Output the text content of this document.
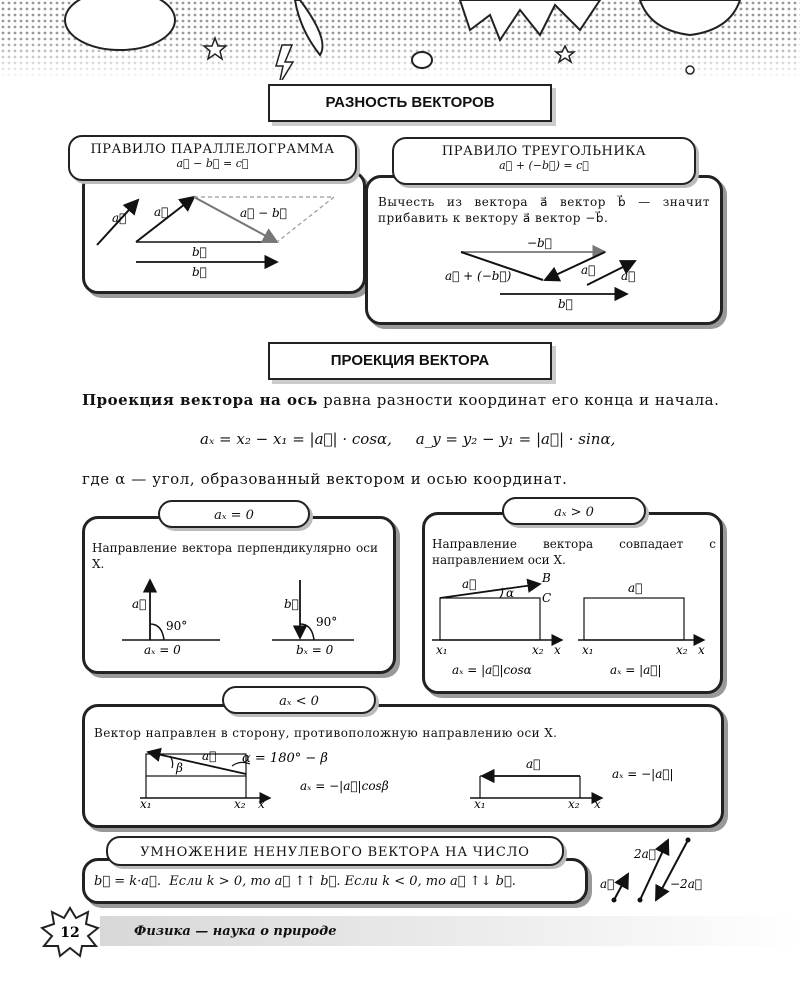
РАЗНОСТЬ ВЕКТОРОВ
ПРАВИЛО ПАРАЛЛЕЛОГРАММА
a⃗ − b⃗ = c⃗
a⃗ a⃗	a⃗ − b⃗
b⃗
b⃗
ПРАВИЛО ТРЕУГОЛЬНИКА
a⃗ + (−b⃗) = c⃗
Вычесть из вектора a⃗ вектор b⃗ — значит прибавить к вектору a⃗ вектор −b⃗.
−b⃗
a⃗ + (−b⃗)	a⃗ a⃗
b⃗
ПРОЕКЦИЯ ВЕКТОРА
Проекция вектора на ось равна разности координат его конца и начала.
aₓ = x₂ − x₁ = |a⃗| · cosα,     a_y = y₂ − y₁ = |a⃗| · sinα,
где α — угол, образованный вектором и осью координат.
aₓ = 0
Направление вектора перпендикулярно оси X.
a⃗
90°
aₓ = 0
b⃗
90°
bₓ = 0
aₓ > 0
Направление вектора совпадает с направлением оси X.
a⃗
α
B
C
x₁	x₂ x
aₓ = |a⃗|cosα
a⃗
x₁	x₂ x
aₓ = |a⃗|
aₓ < 0
Вектор направлен в сторону, противоположную направлению оси X.
a⃗
β
α = 180° − β
x₁	x₂ x
aₓ = −|a⃗|cosβ
a⃗
x₁	x₂ x
aₓ = −|a⃗|
УМНОЖЕНИЕ НЕНУЛЕВОГО ВЕКТОРА НА ЧИСЛО
b⃗ = k·a⃗.  Если k > 0, то a⃗ ↑↑ b⃗. Если k < 0, то a⃗ ↑↓ b⃗.	a⃗
2a⃗
−2a⃗
12	Физика — наука о природе
